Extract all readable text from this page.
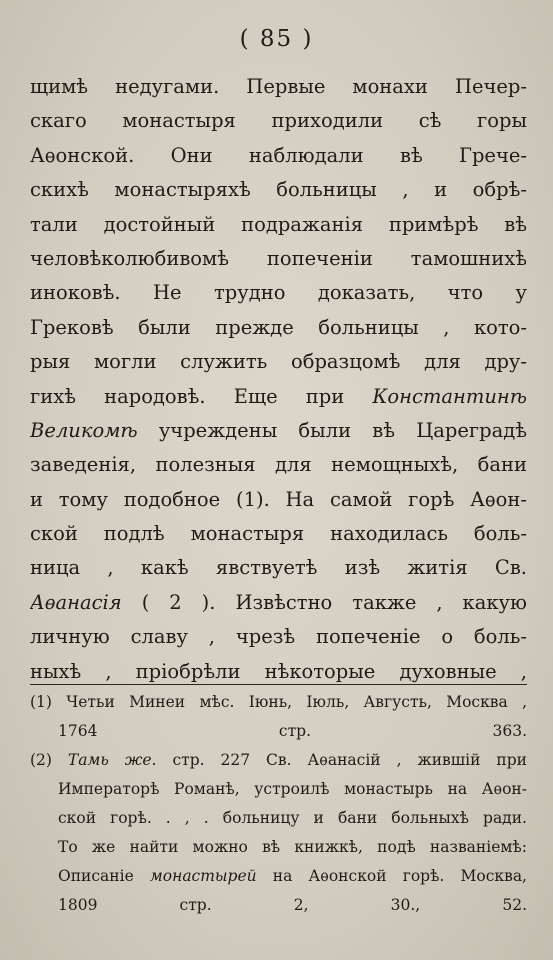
( 85 )
щимѣ недугами. Первые монахи Печер-
скаго монастыря приходили сѣ горы
Аѳонской. Они наблюдали вѣ Грече-
скихѣ монастыряхѣ больницы , и обрѣ-
тали достойный подражанія примѣрѣ вѣ
человѣколюбивомѣ попеченіи тамошнихѣ
иноковѣ. Не трудно доказать, что у
Грековѣ были прежде больницы , кото-
рыя могли служить образцомѣ для дру-
гихѣ народовѣ. Еще при Константинѣ
Великомѣ учреждены были вѣ Цареградѣ
заведенія, полезныя для немощныхѣ, бани
и тому подобное (1). На самой горѣ Аѳон-
ской подлѣ монастыря находилась боль-
ница , какѣ явствуетѣ изѣ житія Св.
Аѳанасія ( 2 ). Извѣстно также , какую
личную славу , чрезѣ попеченіе о боль-
ныхѣ , пріобрѣли нѣкоторые духовные ,
(1) Четьи Минеи мѣс. Іюнь, Іюль, Августь, Москва ,
1764 стр. 363.
(2) Тамь же. стр. 227 Св. Аѳанасій , жившій при
Императорѣ Романѣ, устроилѣ монастырь на Аѳон-
ской горѣ. . , . больницу и бани больныхѣ ради.
То же найти можно вѣ книжкѣ, подѣ названіемѣ:
Описаніе монастырей на Аѳонской горѣ. Москва,
1809 стр. 2, 30., 52.
